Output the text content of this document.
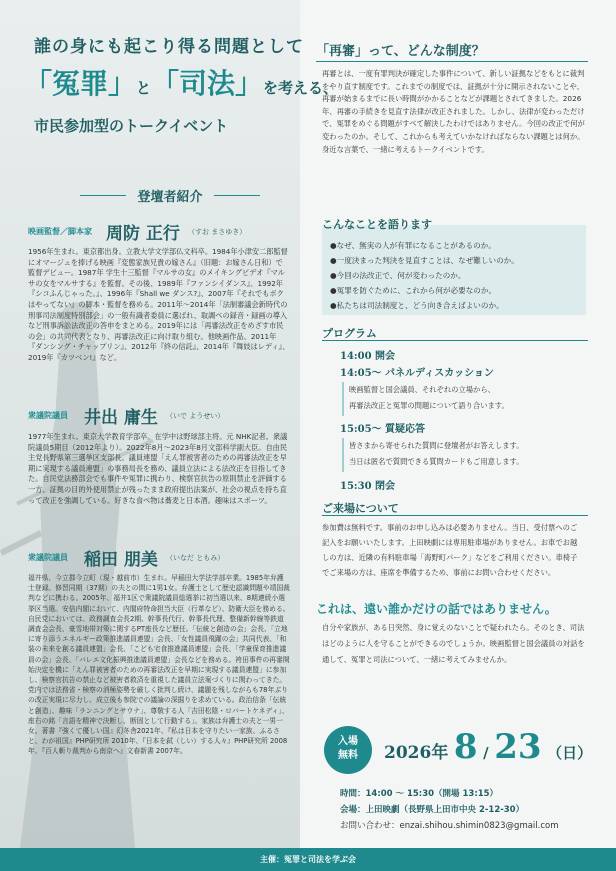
誰の身にも起こり得る問題として
「冤罪」と「司法」を考える、
市民参加型のトークイベント
登壇者紹介
映画監督／脚本家 周防 正行 （すお まさゆき）

1956年生まれ。東京都出身。立教大学文学部仏文科卒。1984年小津安二郎監督にオマージュを捧げる映画『変態家族兄貴の嫁さん』（旧題：お嫁さん日和）で監督デビュー。1987年 学生十三監督『マルサの女』のメイキングビデオ『マルサの女をマルサする』を監督。その後、1989年『ファンシイダンス』、1992年『シコふんじゃった。』、1996年『Shall we ダンス?』、2007年『それでもボクはやってない』の脚本・監督を務める。2011年～2014年「法制審議会新時代の刑事司法制度特別部会」の一般有識者委員に選ばれ、取調べの録音・録画の導入など刑事訴訟法改正の答申をまとめる。2019年には「再審法改正をめざす市民の会」の共同代表となり、再審法改正に向け取り組む。他映画作品、2011年『ダンシング・チャップリン』、2012年『終の信託』、2014年『舞妓はレディ』、2019年『カツベン!』など。

衆議院議員 井出 庸生 （いで ようせい）

1977年生まれ。東京大学教育学部卒。在学中は野球部主将。元 NHK記者。衆議院議員5期目（2012年より）。2022年8月～2023年8月文部科学副大臣。自由民主党長野県第三選挙区支部長。議員連盟「えん罪被害者のための再審法改正を早期に実現する議員連盟」の事務局長を務め、議員立法による法改正を目指してきた。自民党法務部会でも事件や冤罪に携わり、検察官抗告の原則禁止を評価する一方、証拠の目的外使用禁止が残ったまま政府提出法案が、社会の視点を持ち直って改正を強調している。好きな食べ物は蕎麦と日本酒。趣味はスポーツ。

衆議院議員 稲田 朋美 （いなだ ともみ）

福井県、今立郡今立町（現・越前市）生まれ。早稲田大学法学部卒業。1985年弁護士登録。修習同期（37期）の夫との間に1男1女。弁護士として歴史認識問題や靖国裁判などに携わる。2005年、福井1区で衆議院議員総選挙に初当選以来、8期連続小選挙区当選。安倍内閣において、内閣府特命担当大臣（行革など）、防衛大臣を務める。自民党においては、政務調査会長2期、幹事長代行、幹事長代理、整備新幹線等鉄道調査会会長、豪雪地帯対策に関するPT座長など歴任。「伝統と創造の会」会長、「立地に寄り添うエネルギー政策推進議員連盟」会長、「女性議員飛躍の会」共同代表、「和装の未来を創る議員連盟」会長、「こども宅食推進議員連盟」会長、「学童保育推進議員の会」会長、「バレエ文化振興推進議員連盟」会長などを務める。袴田事件の再審開始決定を機に「えん罪被害者のための再審法改正を早期に実現する議員連盟」に参加し、検察官抗告の禁止など被害者救済を重視した議員立法案づくりに関わってきた。党内では法務省・検察の消極姿勢を厳しく批判し続け、議題を残しながらも78年ぶりの改正実現に尽力し、成立後も参院での議論の深掘りを求めている。政治信条「伝統と創造」、趣味「ランニングとサウナ」、尊敬する人「吉田松陰・ロバートケネディ」、座右の銘「言語を精神で決断し、断固として行動する」。家族は弁護士の夫と一男一女。著書『強くて優しい国』幻冬舎2021年、『私は日本を守りたい一家族、ふるさと、わが祖国』PHP研究所 2010年、『日本を弑（しい）する人々』PHP研究所 2008年、『百人斬り裁判から南京へ』文春新書 2007年。

「再審」って、どんな制度？

再審とは、一度有罪判決が確定した事件について、新しい証拠などをもとに裁判をやり直す制度です。これまでの制度では、証拠が十分に開示されないことや、再審が始まるまでに長い時間がかかることなどが課題とされてきました。2026年、再審の手続きを見直す法律が改正されました。しかし、法律が変わっただけで、冤罪をめぐる問題がすべて解決したわけではありません。今回の改正で何が変わったのか。そして、これからも考えていかなければならない課題とは何か。身近な言葉で、一緒に考えるトークイベントです。

こんなことを語ります
●なぜ、無実の人が有罪になることがあるのか。
●一度決まった判決を見直すことは、なぜ難しいのか。
●今回の法改正で、何が変わったのか。
●冤罪を防ぐために、これから何が必要なのか。
●私たちは司法制度と、どう向き合えばよいのか。
プログラム
14:00 開会
14:05～ パネルディスカッション

映画監督と国会議員、それぞれの立場から、

再審法改正と冤罪の問題について語り合います。

15:05～ 質疑応答

皆さまから寄せられた質問に登壇者がお答えします。

当日は匿名で質問できる質問カードもご用意します。

15:30 閉会
ご来場について

参加費は無料です。事前のお申し込みは必要ありません。当日、受付票へのご記入をお願いいたします。上田映劇には専用駐車場がありません。お車でお越しの方は、近隣の有料駐車場「海野町パーク」などをご利用ください。車椅子でご来場の方は、座席を準備するため、事前にお問い合わせください。

これは、遠い誰かだけの話ではありません。

自分や家族が、ある日突然、身に覚えのないことで疑われたら。そのとき、司法はどのように人を守ることができるのでしょうか。映画監督と国会議員の対話を通して、冤罪と司法について、一緒に考えてみませんか。

入場
無料	2026年 8 / 23 （日）
時間：14:00 ～ 15:30（開場 13:15）
会場：上田映劇（長野県上田市中央 2-12-30）
お問い合わせ：enzai.shihou.shimin0823@gmail.com
主催：冤罪と司法を学ぶ会
